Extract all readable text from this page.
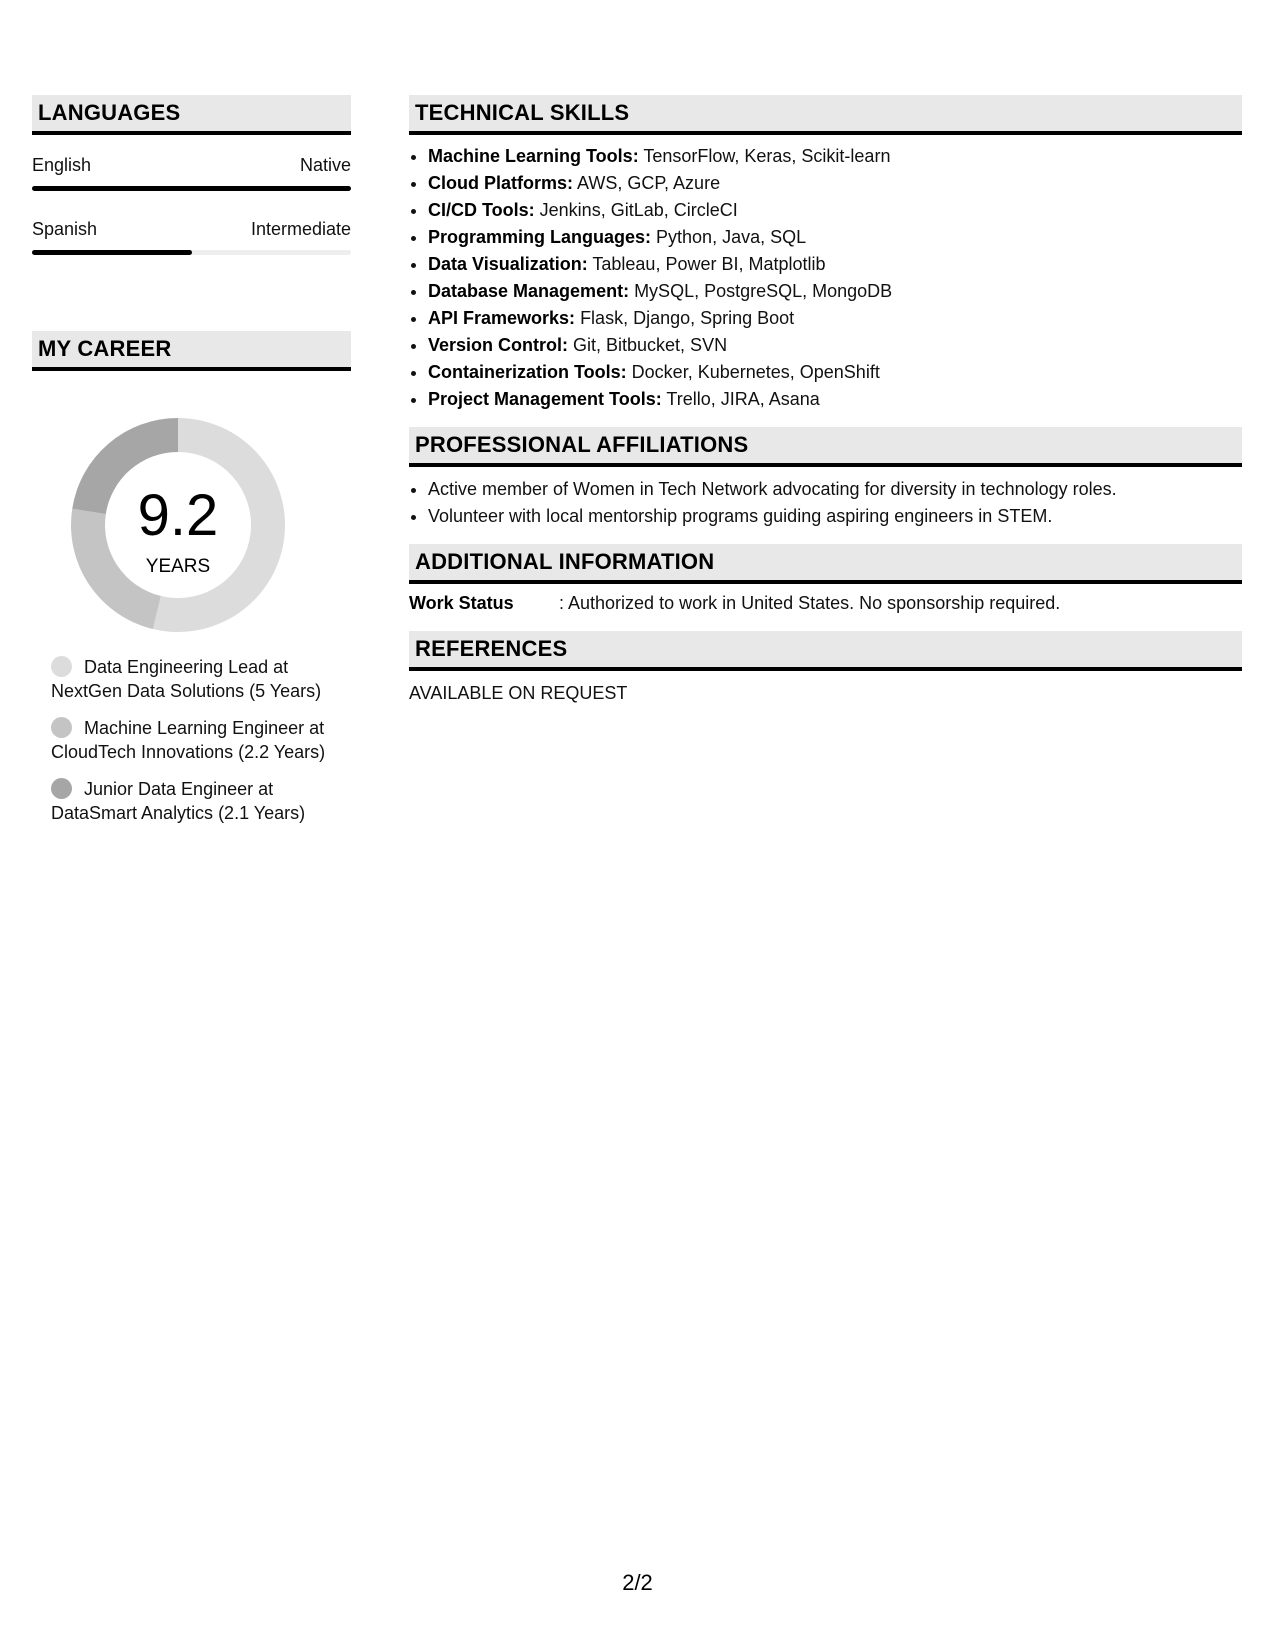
LANGUAGES
English	Native
Spanish	Intermediate
MY CAREER
9.2
YEARS
Data Engineering Lead at NextGen Data Solutions (5 Years)
Machine Learning Engineer at CloudTech Innovations (2.2 Years)
Junior Data Engineer at DataSmart Analytics (2.1 Years)
TECHNICAL SKILLS
• Machine Learning Tools: TensorFlow, Keras, Scikit-learn
• Cloud Platforms: AWS, GCP, Azure
• CI/CD Tools: Jenkins, GitLab, CircleCI
• Programming Languages: Python, Java, SQL
• Data Visualization: Tableau, Power BI, Matplotlib
• Database Management: MySQL, PostgreSQL, MongoDB
• API Frameworks: Flask, Django, Spring Boot
• Version Control: Git, Bitbucket, SVN
• Containerization Tools: Docker, Kubernetes, OpenShift
• Project Management Tools: Trello, JIRA, Asana
PROFESSIONAL AFFILIATIONS
• Active member of Women in Tech Network advocating for diversity in technology roles.
• Volunteer with local mentorship programs guiding aspiring engineers in STEM.
ADDITIONAL INFORMATION
Work Status	: Authorized to work in United States. No sponsorship required.
REFERENCES
AVAILABLE ON REQUEST
2/2
